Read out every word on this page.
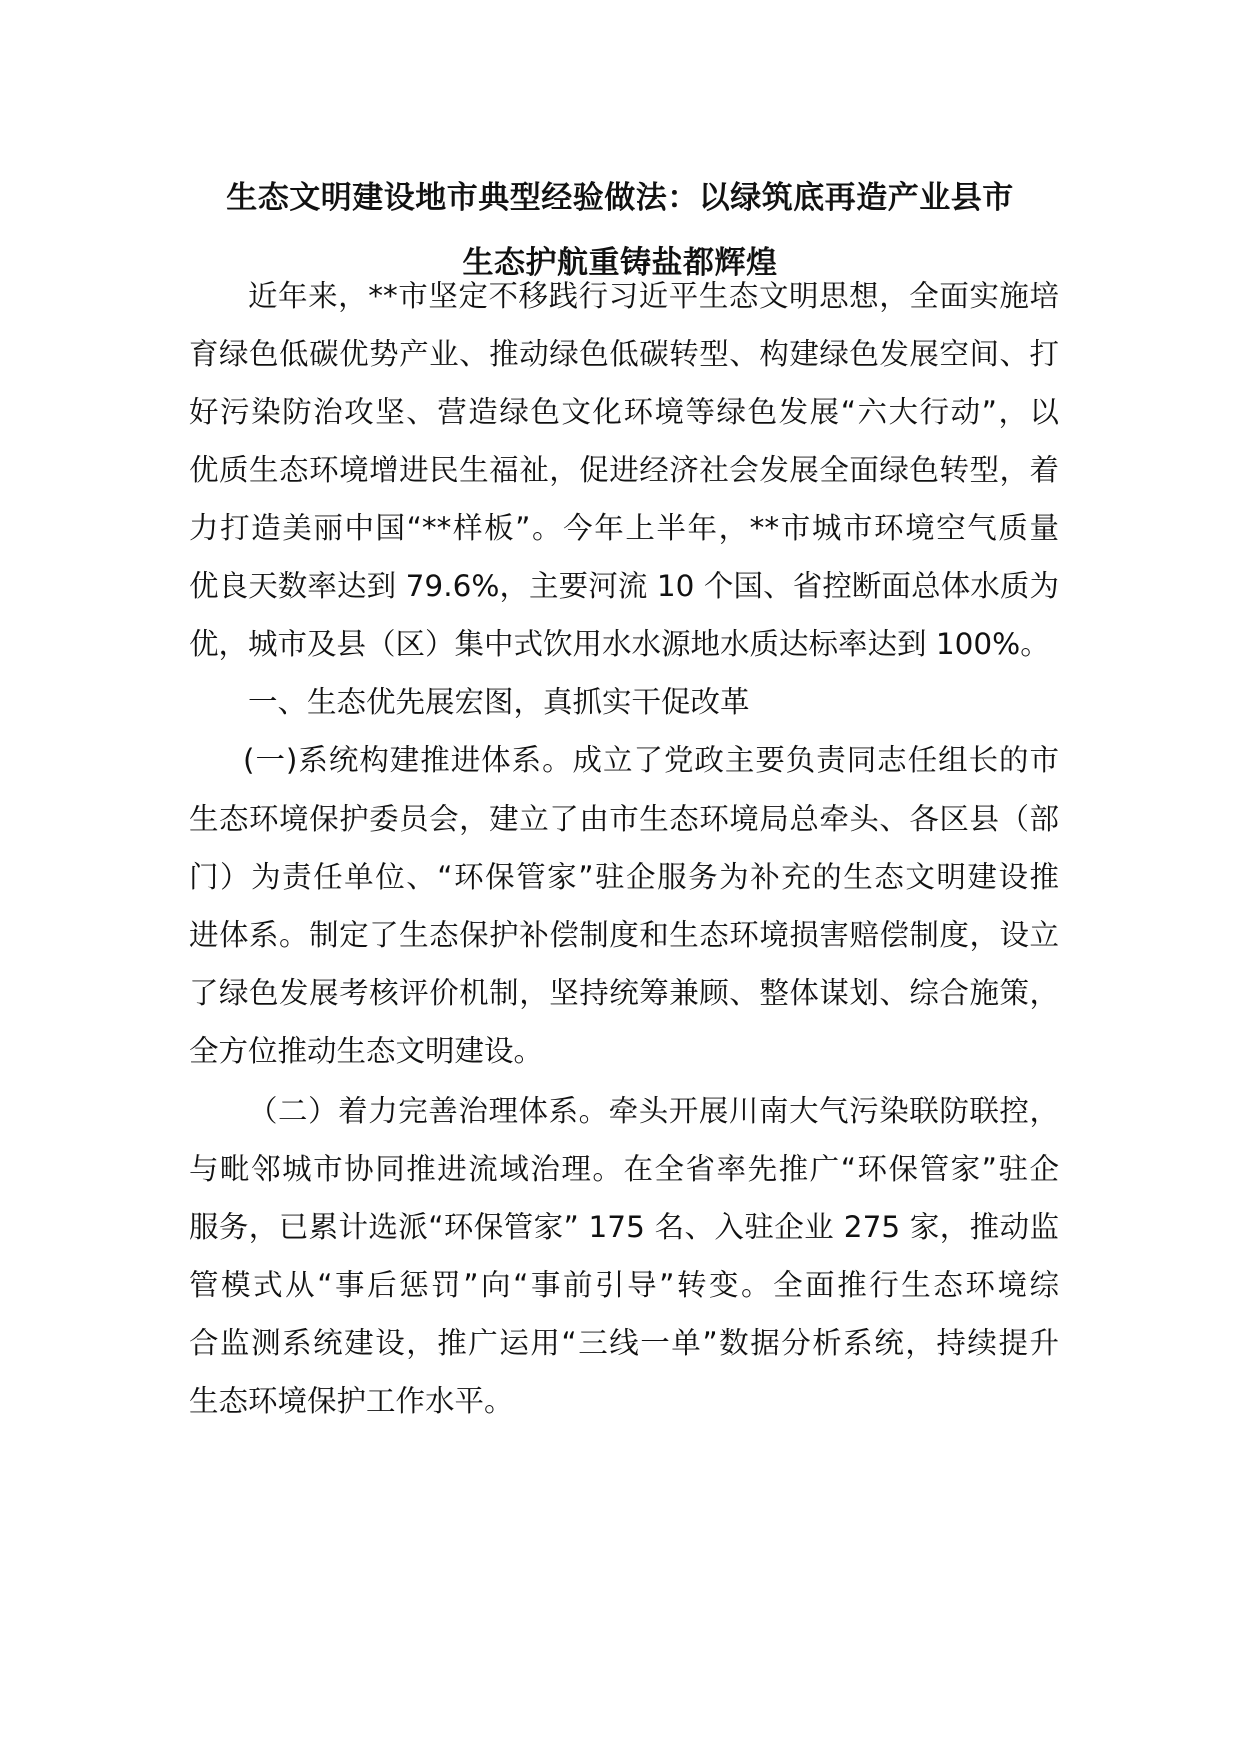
生态文明建设地市典型经验做法：以绿筑底再造产业县市
生态护航重铸盐都辉煌
近年来，**市坚定不移践行习近平生态文明思想，全面实施培
育绿色低碳优势产业、推动绿色低碳转型、构建绿色发展空间、打
好污染防治攻坚、营造绿色文化环境等绿色发展“六大行动”，以
优质生态环境增进民生福祉，促进经济社会发展全面绿色转型，着
力打造美丽中国“**样板”。今年上半年，**市城市环境空气质量
优良天数率达到 79.6%，主要河流 10 个国、省控断面总体水质为
优，城市及县（区）集中式饮用水水源地水质达标率达到 100%。
一、生态优先展宏图，真抓实干促改革
(一)系统构建推进体系。成立了党政主要负责同志任组长的市
生态环境保护委员会，建立了由市生态环境局总牵头、各区县（部
门）为责任单位、“环保管家”驻企服务为补充的生态文明建设推
进体系。制定了生态保护补偿制度和生态环境损害赔偿制度，设立
了绿色发展考核评价机制，坚持统筹兼顾、整体谋划、综合施策，
全方位推动生态文明建设。
（二）着力完善治理体系。牵头开展川南大气污染联防联控，
与毗邻城市协同推进流域治理。在全省率先推广“环保管家”驻企
服务，已累计选派“环保管家” 175 名、入驻企业 275 家，推动监
管模式从“事后惩罚”向“事前引导”转变。全面推行生态环境综
合监测系统建设，推广运用“三线一单”数据分析系统，持续提升
生态环境保护工作水平。
